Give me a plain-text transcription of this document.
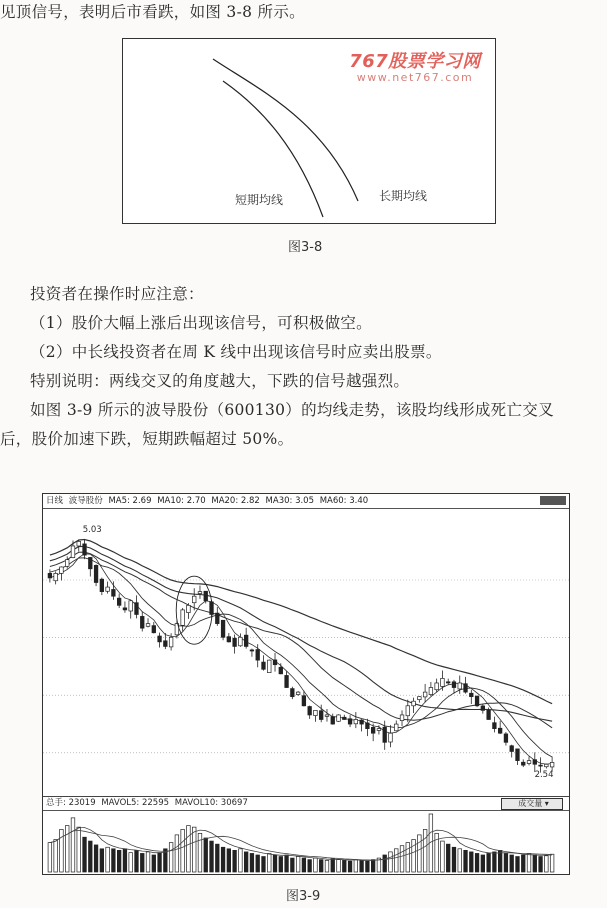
见顶信号，表明后市看跌，如图 3-8 所示。
短期均线	长期均线
767股票学习网
www.net767.com
图3-8
投资者在操作时应注意：
（1）股价大幅上涨后出现该信号，可积极做空。
（2）中长线投资者在周 K 线中出现该信号时应卖出股票。
特别说明：两线交叉的角度越大，下跌的信号越强烈。
如图 3-9 所示的波导股份（600130）的均线走势，该股均线形成死亡交叉
后，股价加速下跌，短期跌幅超过 50%。
日线 波导股份 MA5: 2.69 MA10: 2.70 MA20: 2.82 MA30: 3.05 MA60: 3.40
5.03
2.54
总手: 23019 MAVOL5: 22595 MAVOL10: 30697	成交量 ▾
图3-9
